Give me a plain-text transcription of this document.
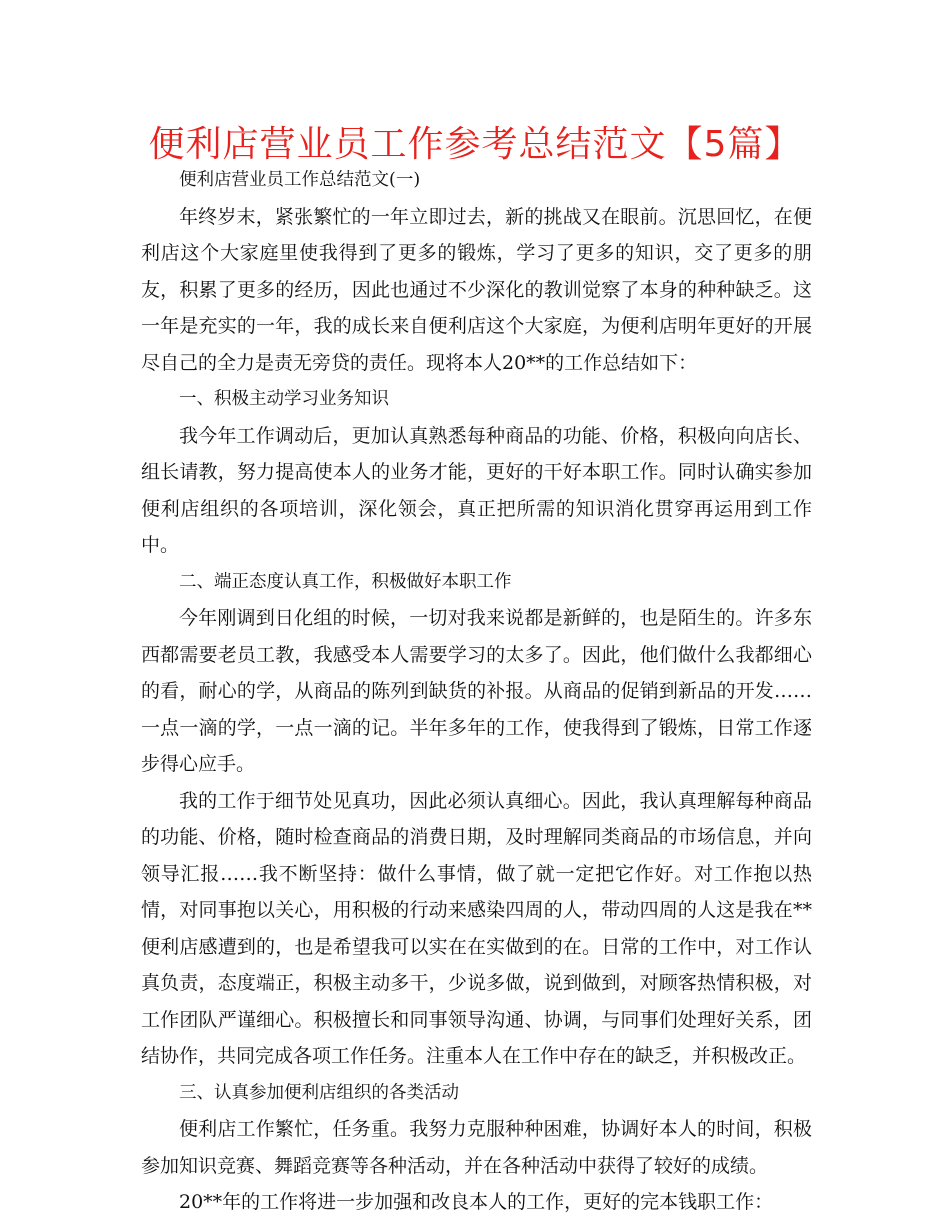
便利店营业员工作参考总结范文【5篇】

便利店营业员工作总结范文(一)

年终岁末，紧张繁忙的一年立即过去，新的挑战又在眼前。沉思回忆，在便利店这个大家庭里使我得到了更多的锻炼，学习了更多的知识，交了更多的朋友，积累了更多的经历，因此也通过不少深化的教训觉察了本身的种种缺乏。这一年是充实的一年，我的成长来自便利店这个大家庭，为便利店明年更好的开展尽自己的全力是责无旁贷的责任。现将本人20**的工作总结如下：

一、积极主动学习业务知识

我今年工作调动后，更加认真熟悉每种商品的功能、价格，积极向向店长、组长请教，努力提高使本人的业务才能，更好的干好本职工作。同时认确实参加便利店组织的各项培训，深化领会，真正把所需的知识消化贯穿再运用到工作中。

二、端正态度认真工作，积极做好本职工作

今年刚调到日化组的时候，一切对我来说都是新鲜的，也是陌生的。许多东西都需要老员工教，我感受本人需要学习的太多了。因此，他们做什么我都细心的看，耐心的学，从商品的陈列到缺货的补报。从商品的促销到新品的开发……一点一滴的学，一点一滴的记。半年多年的工作，使我得到了锻炼，日常工作逐步得心应手。

我的工作于细节处见真功，因此必须认真细心。因此，我认真理解每种商品的功能、价格，随时检查商品的消费日期，及时理解同类商品的市场信息，并向领导汇报……我不断坚持：做什么事情，做了就一定把它作好。对工作抱以热情，对同事抱以关心，用积极的行动来感染四周的人，带动四周的人这是我在**便利店感遭到的，也是希望我可以实在在实做到的在。日常的工作中，对工作认真负责，态度端正，积极主动多干，少说多做，说到做到，对顾客热情积极，对工作团队严谨细心。积极擅长和同事领导沟通、协调，与同事们处理好关系，团结协作，共同完成各项工作任务。注重本人在工作中存在的缺乏，并积极改正。

三、认真参加便利店组织的各类活动

便利店工作繁忙，任务重。我努力克服种种困难，协调好本人的时间，积极参加知识竞赛、舞蹈竞赛等各种活动，并在各种活动中获得了较好的成绩。

20**年的工作将进一步加强和改良本人的工作，更好的完本钱职工作：
